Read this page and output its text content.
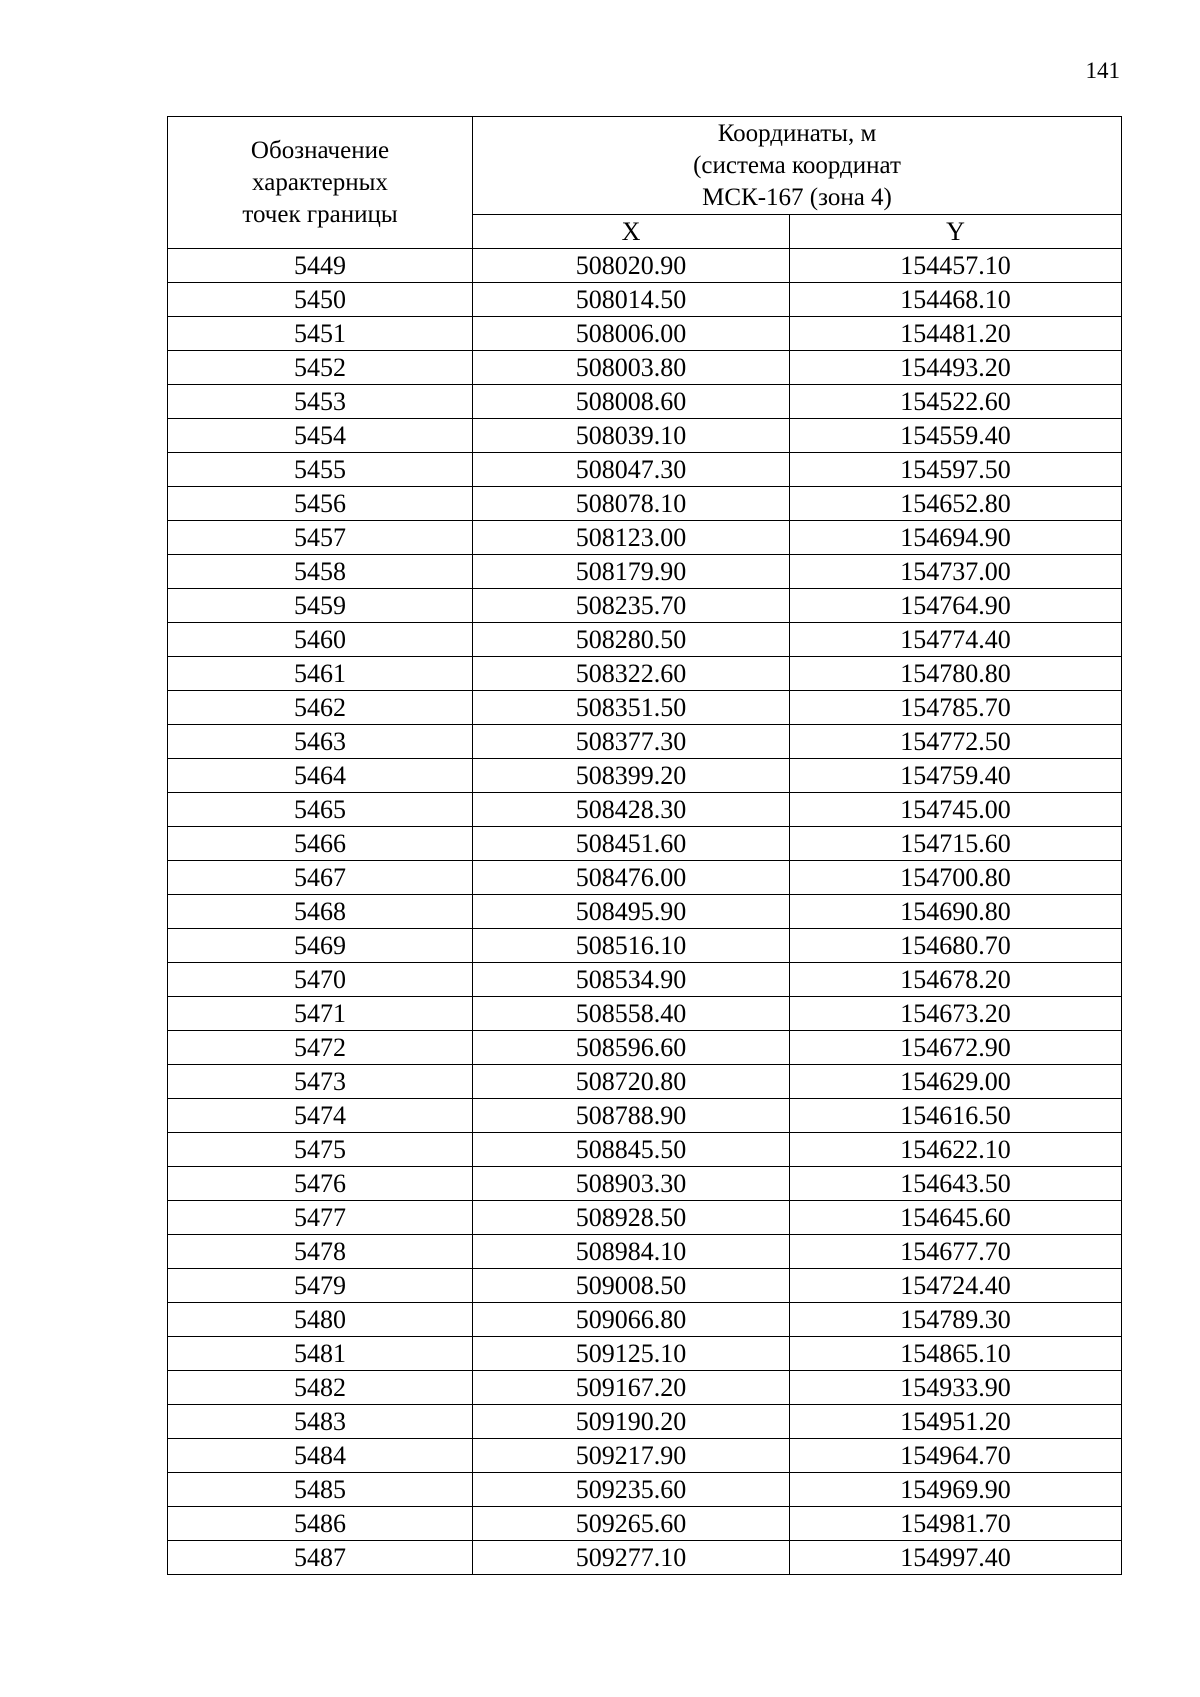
141
Обозначение
характерных
точек границы	Координаты, м
(система координат
МСК-167 (зона 4)	

	X	Y
5449	508020.90	154457.10
5450	508014.50	154468.10
5451	508006.00	154481.20
5452	508003.80	154493.20
5453	508008.60	154522.60
5454	508039.10	154559.40
5455	508047.30	154597.50
5456	508078.10	154652.80
5457	508123.00	154694.90
5458	508179.90	154737.00
5459	508235.70	154764.90
5460	508280.50	154774.40
5461	508322.60	154780.80
5462	508351.50	154785.70
5463	508377.30	154772.50
5464	508399.20	154759.40
5465	508428.30	154745.00
5466	508451.60	154715.60
5467	508476.00	154700.80
5468	508495.90	154690.80
5469	508516.10	154680.70
5470	508534.90	154678.20
5471	508558.40	154673.20
5472	508596.60	154672.90
5473	508720.80	154629.00
5474	508788.90	154616.50
5475	508845.50	154622.10
5476	508903.30	154643.50
5477	508928.50	154645.60
5478	508984.10	154677.70
5479	509008.50	154724.40
5480	509066.80	154789.30
5481	509125.10	154865.10
5482	509167.20	154933.90
5483	509190.20	154951.20
5484	509217.90	154964.70
5485	509235.60	154969.90
5486	509265.60	154981.70
5487	509277.10	154997.40
